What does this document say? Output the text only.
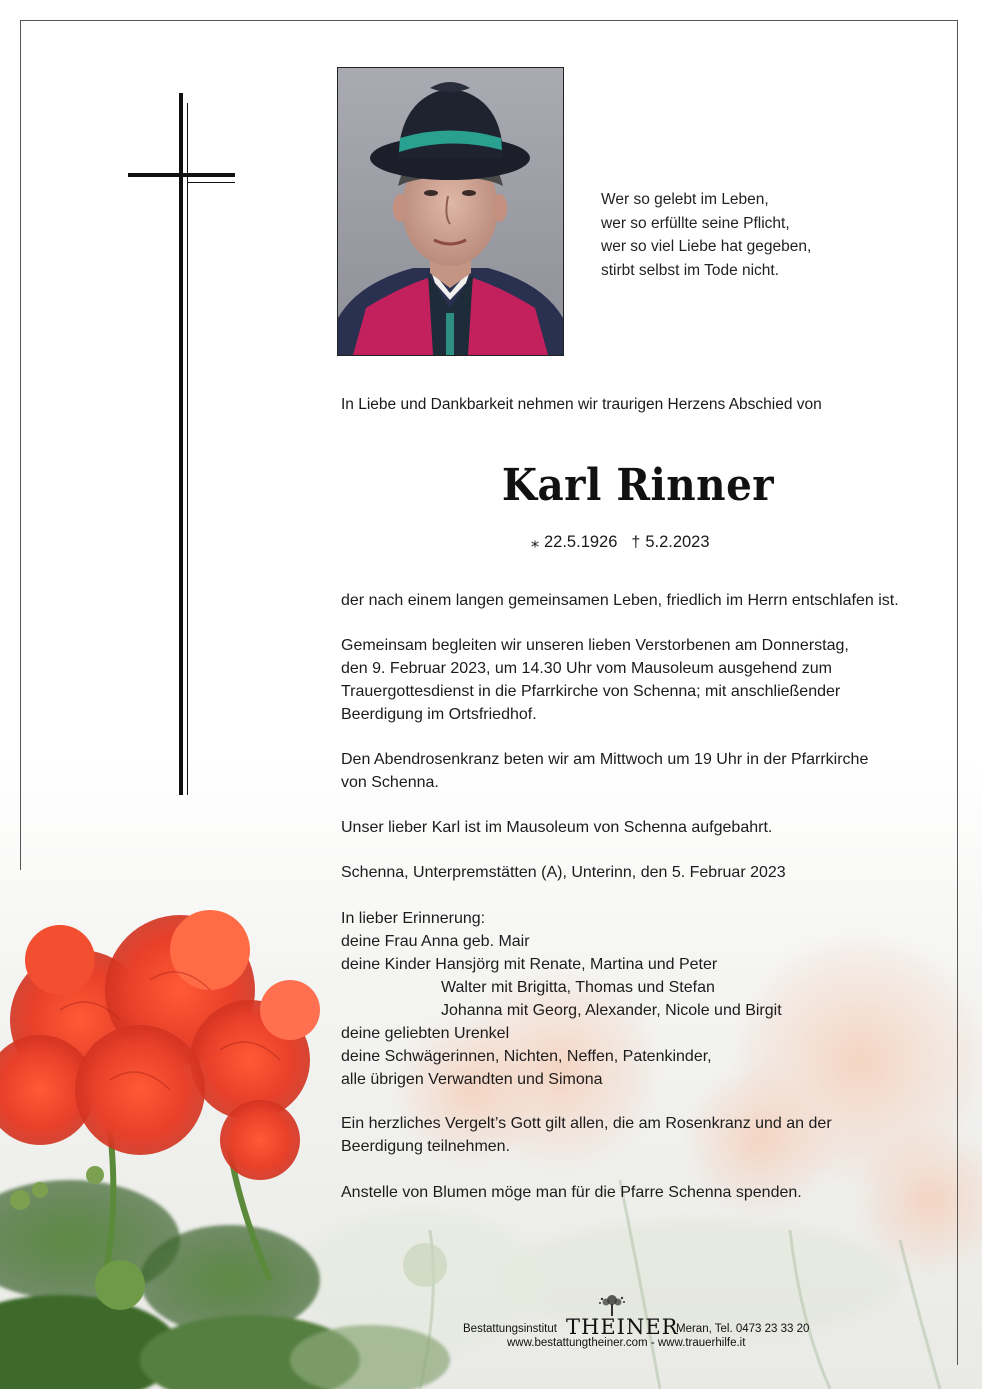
Wer so gelebt im Leben,
wer so erfüllte seine Pflicht,
wer so viel Liebe hat gegeben,
stirbt selbst im Tode nicht.
In Liebe und Dankbarkeit nehmen wir traurigen Herzens Abschied von
Karl Rinner
⁎ 22.5.1926 † 5.2.2023
der nach einem langen gemeinsamen Leben, friedlich im Herrn entschlafen ist.
Gemeinsam begleiten wir unseren lieben Verstorbenen am Donnerstag,
den 9. Februar 2023, um 14.30 Uhr vom Mausoleum ausgehend zum
Trauergottesdienst in die Pfarrkirche von Schenna; mit anschließender
Beerdigung im Ortsfriedhof.
Den Abendrosenkranz beten wir am Mittwoch um 19 Uhr in der Pfarrkirche
von Schenna.
Unser lieber Karl ist im Mausoleum von Schenna aufgebahrt.
Schenna, Unterpremstätten (A), Unterinn, den 5. Februar 2023
In lieber Erinnerung:
deine Frau Anna geb. Mair
deine Kinder Hansjörg mit Renate, Martina und Peter
Walter mit Brigitta, Thomas und Stefan
Johanna mit Georg, Alexander, Nicole und Birgit
deine geliebten Urenkel
deine Schwägerinnen, Nichten, Neffen, Patenkinder,
alle übrigen Verwandten und Simona
Ein herzliches Vergelt’s Gott gilt allen, die am Rosenkranz und an der
Beerdigung teilnehmen.
Anstelle von Blumen möge man für die Pfarre Schenna spenden.
Bestattungsinstitut THEINER
Meran, Tel. 0473 23 33 20
www.bestattungtheiner.com - www.trauerhilfe.it
